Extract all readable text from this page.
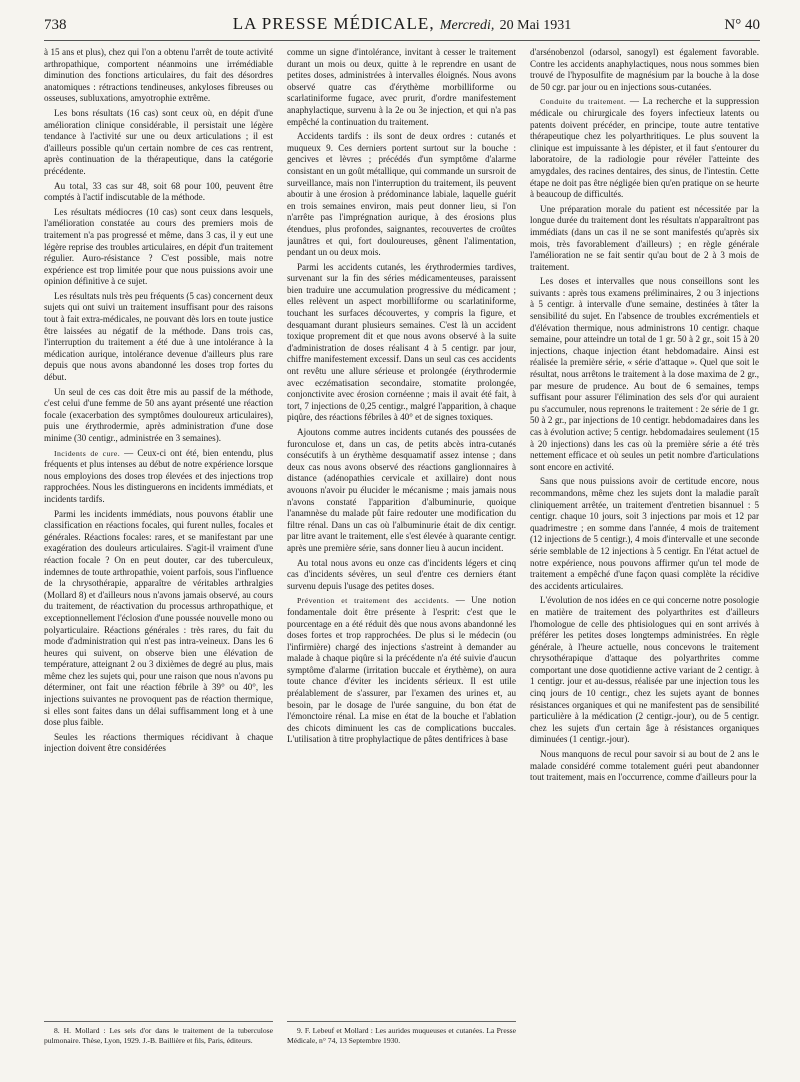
738	LA PRESSE MÉDICALE, Mercredi, 20 Mai 1931	N° 40

à 15 ans et plus), chez qui l'on a obtenu l'arrêt de toute activité arthropathique, comportent néanmoins une irrémédiable diminution des fonctions articulaires, du fait des désordres anatomiques : rétractions tendineuses, ankyloses fibreuses ou osseuses, subluxations, amyotrophie extrême.

Les bons résultats (16 cas) sont ceux où, en dépit d'une amélioration clinique considérable, il persistait une légère tendance à l'activité sur une ou deux articulations ; il est d'ailleurs possible qu'un certain nombre de ces cas rentrent, après continuation de la thérapeutique, dans la catégorie précédente.

Au total, 33 cas sur 48, soit 68 pour 100, peuvent être comptés à l'actif indiscutable de la méthode.

Les résultats médiocres (10 cas) sont ceux dans lesquels, l'amélioration constatée au cours des premiers mois de traitement n'a pas progressé et même, dans 3 cas, il y eut une légère reprise des troubles articulaires, en dépit d'un traitement régulier. Auro-résistance ? C'est possible, mais notre expérience est trop limitée pour que nous puissions avoir une opinion définitive à ce sujet.

Les résultats nuls très peu fréquents (5 cas) concernent deux sujets qui ont suivi un traitement insuffisant pour des raisons tout à fait extra-médicales, ne pouvant dès lors en toute justice être laissées au négatif de la méthode. Dans trois cas, l'interruption du traitement a été due à une intolérance à la médication aurique, intolérance devenue d'ailleurs plus rare depuis que nous avons abandonné les doses trop fortes du début.

Un seul de ces cas doit être mis au passif de la méthode, c'est celui d'une femme de 50 ans ayant présenté une réaction focale (exacerbation des symptômes douloureux articulaires), puis une érythrodermie, après administration d'une dose minime (30 centigr., administrée en 3 semaines).

Incidents de cure. — Ceux-ci ont été, bien entendu, plus fréquents et plus intenses au début de notre expérience lorsque nous employions des doses trop élevées et des injections trop rapprochées. Nous les distinguerons en incidents immédiats, et incidents tardifs.

Parmi les incidents immédiats, nous pouvons établir une classification en réactions focales, qui furent nulles, focales et générales. Réactions focales: rares, et se manifestant par une exagération des douleurs articulaires. S'agit-il vraiment d'une réaction focale ? On en peut douter, car des tuberculeux, indemnes de toute arthropathie, voient parfois, sous l'influence de la chrysothérapie, apparaître de véritables arthralgies (Mollard 8) et d'ailleurs nous n'avons jamais observé, au cours du traitement, de réactivation du processus arthropathique, et exceptionnellement l'éclosion d'une poussée nouvelle mono ou polyarticulaire. Réactions générales : très rares, du fait du mode d'administration qui n'est pas intra-veineux. Dans les 6 heures qui suivent, on observe bien une élévation de température, atteignant 2 ou 3 dixièmes de degré au plus, mais même chez les sujets qui, pour une raison que nous n'avons pu déterminer, ont fait une réaction fébrile à 39° ou 40°, les injections suivantes ne provoquent pas de réaction thermique, si elles sont faites dans un délai suffisamment long et à une dose plus faible.

Seules les réactions thermiques récidivant à chaque injection doivent être considérées

8. H. Mollard : Les sels d'or dans le traitement de la tuberculose pulmonaire. Thèse, Lyon, 1929. J.-B. Baillière et fils, Paris, éditeurs.

comme un signe d'intolérance, invitant à cesser le traitement durant un mois ou deux, quitte à le reprendre en usant de petites doses, administrées à intervalles éloignés. Nous avons observé quatre cas d'érythème morbilliforme ou scarlatiniforme fugace, avec prurit, d'ordre manifestement anaphylactique, survenu à la 2e ou 3e injection, et qui n'a pas empêché la continuation du traitement.

Accidents tardifs : ils sont de deux ordres : cutanés et muqueux 9. Ces derniers portent surtout sur la bouche : gencives et lèvres ; précédés d'un symptôme d'alarme consistant en un goût métallique, qui commande un sursroit de surveillance, mais non l'interruption du traitement, ils peuvent aboutir à une érosion à prédominance labiale, laquelle guérit en trois semaines environ, mais peut donner lieu, si l'on n'arrête pas l'imprégnation aurique, à des érosions plus étendues, plus profondes, saignantes, recouvertes de croûtes jaunâtres et qui, fort douloureuses, gênent l'alimentation, pendant un ou deux mois.

Parmi les accidents cutanés, les érythrodermies tardives, survenant sur la fin des séries médicamenteuses, paraissent bien traduire une accumulation progressive du médicament ; elles relèvent un aspect morbilliforme ou scarlatiniforme, touchant les surfaces découvertes, y compris la figure, et desquamant durant plusieurs semaines. C'est là un accident toxique proprement dit et que nous avons observé à la suite d'administration de doses réalisant 4 à 5 centigr. par jour, chiffre manifestement excessif. Dans un seul cas ces accidents ont revêtu une allure sérieuse et prolongée (érythrodermie avec eczématisation secondaire, stomatite prolongée, conjonctivite avec érosion cornéenne ; mais il avait été fait, à tort, 7 injections de 0,25 centigr., malgré l'apparition, à chaque piqûre, des réactions fébriles à 40° et de signes toxiques.

Ajoutons comme autres incidents cutanés des poussées de furonculose et, dans un cas, de petits abcès intra-cutanés consécutifs à un érythème desquamatif assez intense ; dans deux cas nous avons observé des réactions ganglionnaires à distance (adénopathies cervicale et axillaire) dont nous avouons n'avoir pu élucider le mécanisme ; mais jamais nous n'avons constaté l'apparition d'albuminurie, quoique l'anamnèse du malade pût faire redouter une modification du filtre rénal. Dans un cas où l'albuminurie était de dix centigr. par litre avant le traitement, elle s'est élevée à quarante centigr. après une première série, sans donner lieu à aucun incident.

Au total nous avons eu onze cas d'incidents légers et cinq cas d'incidents sévères, un seul d'entre ces derniers étant survenu depuis l'usage des petites doses.

Prévention et traitement des accidents. — Une notion fondamentale doit être présente à l'esprit: c'est que le pourcentage en a été réduit dès que nous avons abandonné les doses fortes et trop rapprochées. De plus si le médecin (ou l'infirmière) chargé des injections s'astreint à demander au malade à chaque piqûre si la précédente n'a été suivie d'aucun symptôme d'alarme (irritation buccale et érythème), on aura toute chance d'éviter les incidents sérieux. Il est utile préalablement de s'assurer, par l'examen des urines et, au besoin, par le dosage de l'urée sanguine, du bon état de l'émonctoire rénal. La mise en état de la bouche et l'ablation des chicots diminuent les cas de complications buccales. L'utilisation à titre prophylactique de pâtes dentifrices à base

9. F. Lebeuf et Mollard : Les aurides muqueuses et cutanées. La Presse Médicale, n° 74, 13 Septembre 1930.

d'arsénobenzol (odarsol, sanogyl) est également favorable. Contre les accidents anaphylactiques, nous nous sommes bien trouvé de l'hyposulfite de magnésium par la bouche à la dose de 50 cgr. par jour ou en injections sous-cutanées.

Conduite du traitement. — La recherche et la suppression médicale ou chirurgicale des foyers infectieux latents ou patents doivent précéder, en principe, toute autre tentative thérapeutique chez les polyarthritiques. Le plus souvent la clinique est impuissante à les dépister, et il faut s'entourer du laboratoire, de la radiologie pour révéler l'atteinte des amygdales, des racines dentaires, des sinus, de l'intestin. Cette étape ne doit pas être négligée bien qu'en pratique on se heurte à beaucoup de difficultés.

Une préparation morale du patient est nécessitée par la longue durée du traitement dont les résultats n'apparaîtront pas immédiats (dans un cas il ne se sont manifestés qu'après six mois, très favorablement d'ailleurs) ; en règle générale l'amélioration ne se fait sentir qu'au bout de 2 à 3 mois de traitement.

Les doses et intervalles que nous conseillons sont les suivants : après tous examens préliminaires, 2 ou 3 injections à 5 centigr. à intervalle d'une semaine, destinées à tâter la sensibilité du sujet. En l'absence de troubles excrémentiels et d'élévation thermique, nous administrons 10 centigr. chaque semaine, pour atteindre un total de 1 gr. 50 à 2 gr., soit 15 à 20 injections, chaque injection étant hebdomadaire. Ainsi est réalisée la première série, « série d'attaque ». Quel que soit le résultat, nous arrêtons le traitement à la dose maxima de 2 gr., par mesure de prudence. Au bout de 6 semaines, temps suffisant pour assurer l'élimination des sels d'or qui auraient pu s'accumuler, nous reprenons le traitement : 2e série de 1 gr. 50 à 2 gr., par injections de 10 centigr. hebdomadaires dans les cas à évolution active; 5 centigr. hebdomadaires seulement (15 à 20 injections) dans les cas où la première série a été très nettement efficace et où seules un petit nombre d'articulations sont encore en activité.

Sans que nous puissions avoir de certitude encore, nous recommandons, même chez les sujets dont la maladie paraît cliniquement arrêtée, un traitement d'entretien bisannuel : 5 centigr. chaque 10 jours, soit 3 injections par mois et 12 par quadrimestre ; en somme dans l'année, 4 mois de traitement (12 injections de 5 centigr.), 4 mois d'intervalle et une seconde série semblable de 12 injections à 5 centigr. En l'état actuel de notre expérience, nous pouvons affirmer qu'un tel mode de traitement a empêché d'une façon quasi complète la récidive des accidents articulaires.

L'évolution de nos idées en ce qui concerne notre posologie en matière de traitement des polyarthrites est d'ailleurs l'homologue de celle des phtisiologues qui en sont arrivés à préférer les petites doses longtemps administrées. En règle générale, à l'heure actuelle, nous concevons le traitement chrysothérapique d'attaque des polyarthrites comme comportant une dose quotidienne active variant de 2 centigr. à 1 centigr. jour et au-dessus, réalisée par une injection tous les cinq jours de 10 centigr., chez les sujets ayant de bonnes résistances organiques et qui ne manifestent pas de sensibilité particulière à la médication (2 centigr.-jour), ou de 5 centigr. chez les sujets d'un certain âge à résistances organiques diminuées (1 centigr.-jour).

Nous manquons de recul pour savoir si au bout de 2 ans le malade considéré comme totalement guéri peut abandonner tout traitement, mais en l'occurrence, comme d'ailleurs pour la
